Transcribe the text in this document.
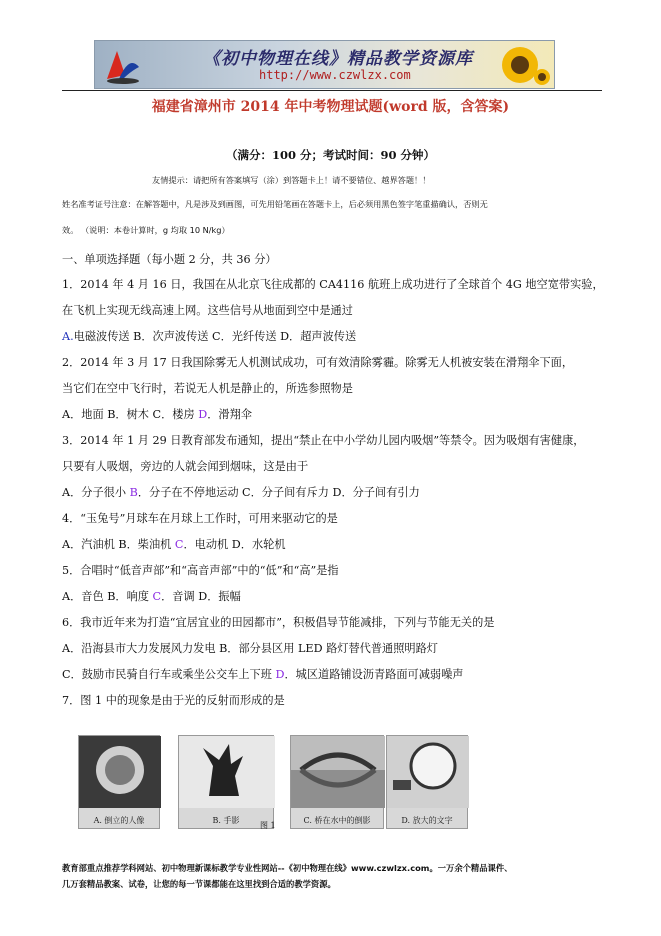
《初中物理在线》精品教学资源库
http://www.czwlzx.com
福建省漳州市 2014 年中考物理试题(word 版，含答案)
（满分：100 分；考试时间：90 分钟）
友情提示：请把所有答案填写（涂）到答题卡上！请不要错位、越界答题！！
姓名准考证号注意：在解答题中，凡是涉及到画图，可先用铅笔画在答题卡上，后必须用黑色签字笔重描确认，否则无
效。 （说明：本卷计算时，g 均取 10 N/kg）
一、单项选择题（每小题 2 分，共 36 分）
1．2014 年 4 月 16 日，我国在从北京飞往成都的 CA4116 航班上成功进行了全球首个 4G 地空宽带实验，
在飞机上实现无线高速上网。这些信号从地面到空中是通过
A.电磁波传送 B．次声波传送 C．光纤传送 D．超声波传送
2．2014 年 3 月 17 日我国除雾无人机测试成功，可有效清除雾霾。除雾无人机被安装在滑翔伞下面，
当它们在空中飞行时，若说无人机是静止的，所选参照物是
A．地面 B．树木 C．楼房 D．滑翔伞
3．2014 年 1 月 29 日教育部发布通知，提出“禁止在中小学幼儿园内吸烟”等禁令。因为吸烟有害健康，
只要有人吸烟，旁边的人就会闻到烟味，这是由于
A．分子很小 B．分子在不停地运动 C．分子间有斥力 D．分子间有引力
4．“玉兔号”月球车在月球上工作时，可用来驱动它的是
A．汽油机 B．柴油机 C．电动机 D．水轮机
5．合唱时“低音声部”和“高音声部”中的“低”和“高”是指
A．音色 B．响度 C．音调 D．振幅
6．我市近年来为打造“宜居宜业的田园都市”，积极倡导节能减排，下列与节能无关的是
A．沿海县市大力发展风力发电 B．部分县区用 LED 路灯替代普通照明路灯
C．鼓励市民骑自行车或乘坐公交车上下班 D．城区道路铺设沥青路面可减弱噪声
7．图 1 中的现象是由于光的反射而形成的是
A. 倒立的人像	B. 手影	C. 桥在水中的倒影	D. 放大的文字
图 1
教育部重点推荐学科网站、初中物理新课标教学专业性网站--《初中物理在线》www.czwlzx.com。一万余个精品课件、
几万套精品教案、试卷，让您的每一节课都能在这里找到合适的教学资源。
